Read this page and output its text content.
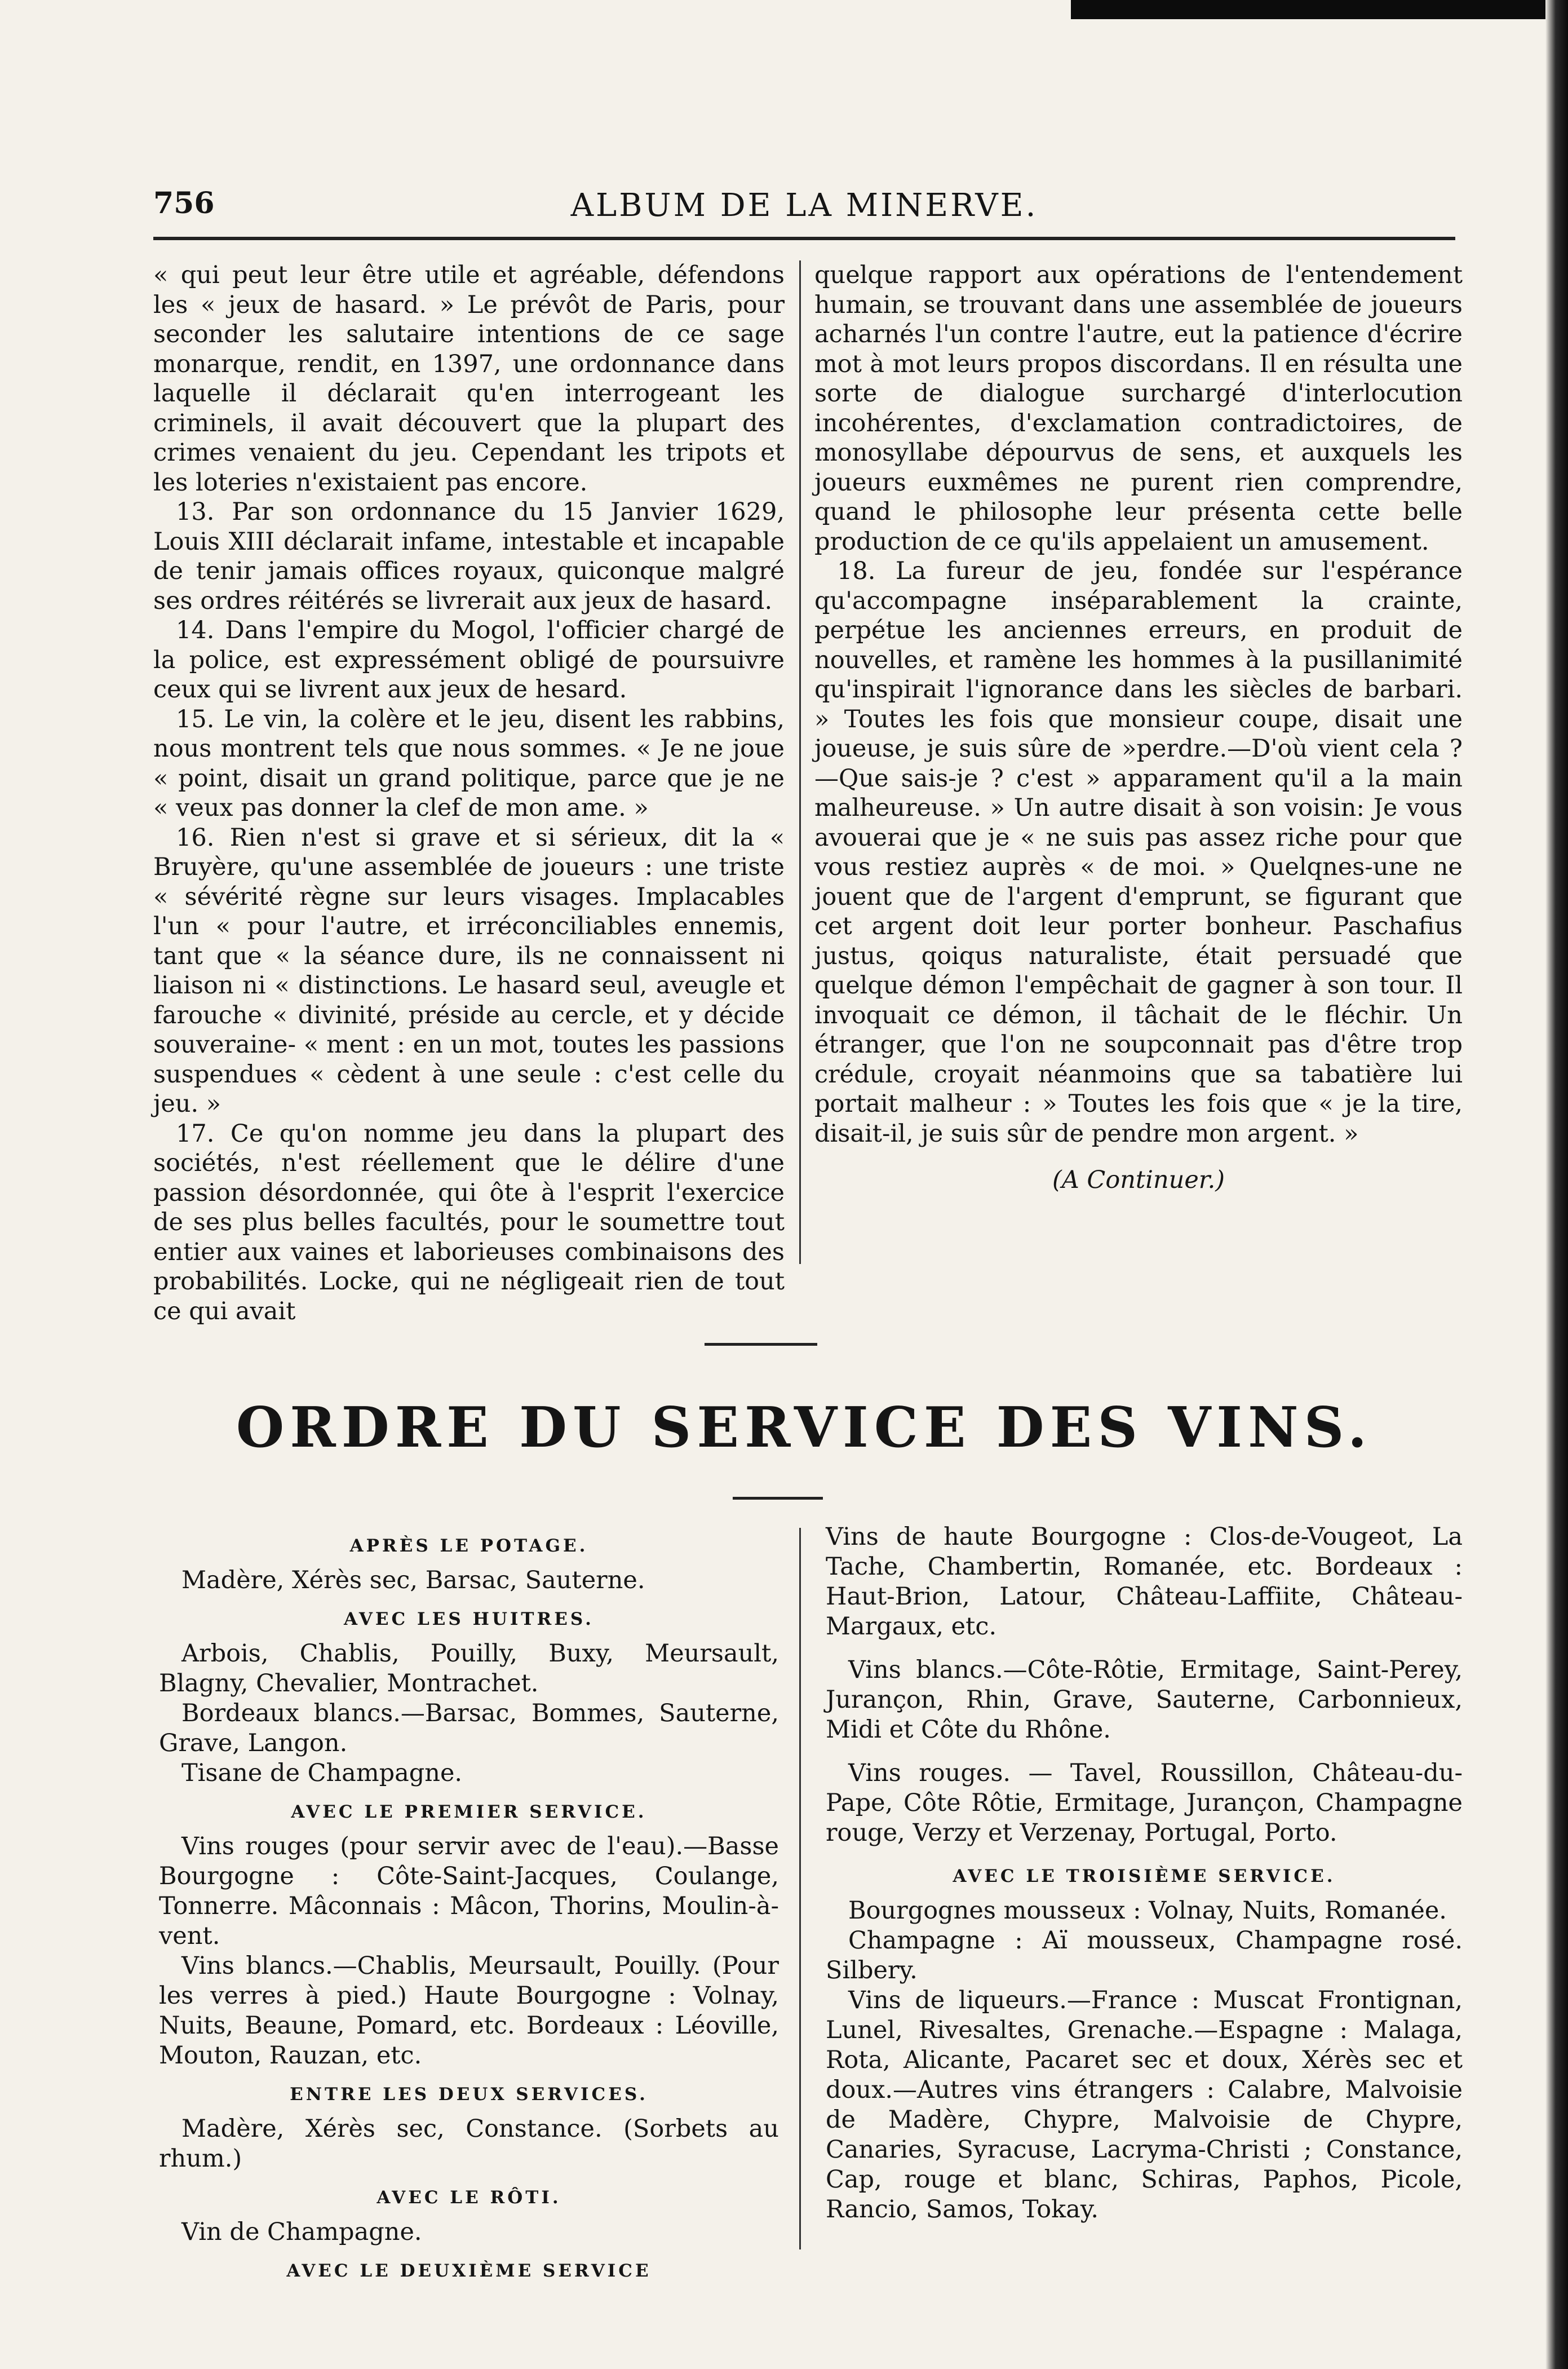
756	ALBUM DE LA MINERVE.

« qui peut leur être utile et agréable, défendons les « jeux de hasard. » Le prévôt de Paris, pour seconder les salutaire intentions de ce sage monarque, rendit, en 1397, une ordonnance dans laquelle il déclarait qu'en interrogeant les criminels, il avait découvert que la plupart des crimes venaient du jeu. Cependant les tripots et les loteries n'existaient pas encore.

13. Par son ordonnance du 15 Janvier 1629, Louis XIII déclarait infame, intestable et incapable de tenir jamais offices royaux, quiconque malgré ses ordres réitérés se livrerait aux jeux de hasard.

14. Dans l'empire du Mogol, l'officier chargé de la police, est expressément obligé de poursuivre ceux qui se livrent aux jeux de hesard.

15. Le vin, la colère et le jeu, disent les rabbins, nous montrent tels que nous sommes. « Je ne joue « point, disait un grand politique, parce que je ne « veux pas donner la clef de mon ame. »

16. Rien n'est si grave et si sérieux, dit la « Bruyère, qu'une assemblée de joueurs : une triste « sévérité règne sur leurs visages. Implacables l'un « pour l'autre, et irréconciliables ennemis, tant que « la séance dure, ils ne connaissent ni liaison ni « distinctions. Le hasard seul, aveugle et farouche « divinité, préside au cercle, et y décide souveraine- « ment : en un mot, toutes les passions suspendues « cèdent à une seule : c'est celle du jeu. »

17. Ce qu'on nomme jeu dans la plupart des sociétés, n'est réellement que le délire d'une passion désordonnée, qui ôte à l'esprit l'exercice de ses plus belles facultés, pour le soumettre tout entier aux vaines et laborieuses combinaisons des probabilités. Locke, qui ne négligeait rien de tout ce qui avait

quelque rapport aux opérations de l'entendement humain, se trouvant dans une assemblée de joueurs acharnés l'un contre l'autre, eut la patience d'écrire mot à mot leurs propos discordans. Il en résulta une sorte de dialogue surchargé d'interlocution incohérentes, d'exclamation contradictoires, de monosyllabe dépourvus de sens, et auxquels les joueurs euxmêmes ne purent rien comprendre, quand le philosophe leur présenta cette belle production de ce qu'ils appelaient un amusement.

18. La fureur de jeu, fondée sur l'espérance qu'accompagne inséparablement la crainte, perpétue les anciennes erreurs, en produit de nouvelles, et ramène les hommes à la pusillanimité qu'inspirait l'ignorance dans les siècles de barbari. » Toutes les fois que monsieur coupe, disait une joueuse, je suis sûre de »perdre.—D'où vient cela ?—Que sais-je ? c'est » apparament qu'il a la main malheureuse. » Un autre disait à son voisin: Je vous avouerai que je « ne suis pas assez riche pour que vous restiez auprès « de moi. » Quelqnes-une ne jouent que de l'argent d'emprunt, se figurant que cet argent doit leur porter bonheur. Paschafius justus, qoiqus naturaliste, était persuadé que quelque démon l'empêchait de gagner à son tour. Il invoquait ce démon, il tâchait de le fléchir. Un étranger, que l'on ne soupconnait pas d'être trop crédule, croyait néanmoins que sa tabatière lui portait malheur : » Toutes les fois que « je la tire, disait-il, je suis sûr de pendre mon argent. »

(A Continuer.)

ORDRE DU SERVICE DES VINS.

APRÈS LE POTAGE.

Madère, Xérès sec, Barsac, Sauterne.

AVEC LES HUITRES.

Arbois, Chablis, Pouilly, Buxy, Meursault, Blagny, Chevalier, Montrachet.

Bordeaux blancs.—Barsac, Bommes, Sauterne, Grave, Langon.

Tisane de Champagne.

AVEC LE PREMIER SERVICE.

Vins rouges (pour servir avec de l'eau).—Basse Bourgogne : Côte-Saint-Jacques, Coulange, Tonnerre. Mâconnais : Mâcon, Thorins, Moulin-à-vent.

Vins blancs.—Chablis, Meursault, Pouilly. (Pour les verres à pied.) Haute Bourgogne : Volnay, Nuits, Beaune, Pomard, etc. Bordeaux : Léoville, Mouton, Rauzan, etc.

ENTRE LES DEUX SERVICES.

Madère, Xérès sec, Constance. (Sorbets au rhum.)

AVEC LE RÔTI.

Vin de Champagne.

AVEC LE DEUXIÈME SERVICE

Vins de haute Bourgogne : Clos-de-Vougeot, La Tache, Chambertin, Romanée, etc. Bordeaux : Haut-Brion, Latour, Château-Laffiite, Château-Margaux, etc.

Vins blancs.—Côte-Rôtie, Ermitage, Saint-Perey, Jurançon, Rhin, Grave, Sauterne, Carbonnieux, Midi et Côte du Rhône.

Vins rouges. — Tavel, Roussillon, Château-du-Pape, Côte Rôtie, Ermitage, Jurançon, Champagne rouge, Verzy et Verzenay, Portugal, Porto.

AVEC LE TROISIÈME SERVICE.

Bourgognes mousseux : Volnay, Nuits, Romanée.

Champagne : Aï mousseux, Champagne rosé. Silbery.

Vins de liqueurs.—France : Muscat Frontignan, Lunel, Rivesaltes, Grenache.—Espagne : Malaga, Rota, Alicante, Pacaret sec et doux, Xérès sec et doux.—Autres vins étrangers : Calabre, Malvoisie de Madère, Chypre, Malvoisie de Chypre, Canaries, Syracuse, Lacryma-Christi ; Constance, Cap, rouge et blanc, Schiras, Paphos, Picole, Rancio, Samos, Tokay.
